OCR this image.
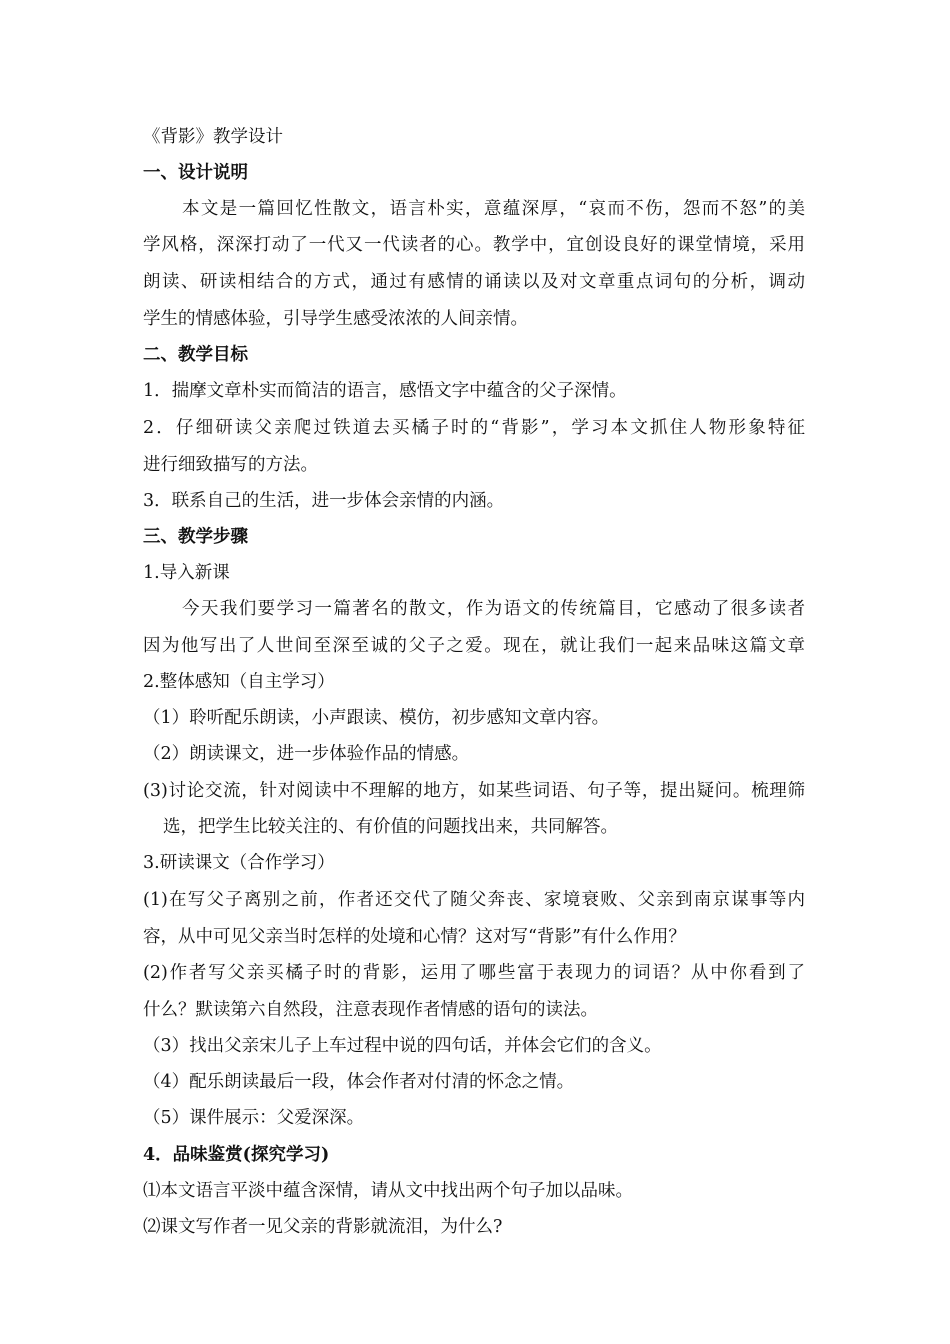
《背影》教学设计
一、设计说明
本文是一篇回忆性散文，语言朴实，意蕴深厚，“哀而不伤，怨而不怒”的美
学风格，深深打动了一代又一代读者的心。教学中，宜创设良好的课堂情境，采用
朗读、研读相结合的方式，通过有感情的诵读以及对文章重点词句的分析，调动
学生的情感体验，引导学生感受浓浓的人间亲情。
二、教学目标
1．揣摩文章朴实而简洁的语言，感悟文字中蕴含的父子深情。
2．仔细研读父亲爬过铁道去买橘子时的“背影”，学习本文抓住人物形象特征
进行细致描写的方法。
3．联系自己的生活，进一步体会亲情的内涵。
三、教学步骤
1.导入新课
今天我们要学习一篇著名的散文，作为语文的传统篇目，它感动了很多读者
因为他写出了人世间至深至诚的父子之爱。现在，就让我们一起来品味这篇文章
2.整体感知（自主学习）
（1）聆听配乐朗读，小声跟读、模仿，初步感知文章内容。
（2）朗读课文，进一步体验作品的情感。
(3)讨论交流，针对阅读中不理解的地方，如某些词语、句子等，提出疑问。梳理筛
选，把学生比较关注的、有价值的问题找出来，共同解答。
3.研读课文（合作学习）
(1)在写父子离别之前，作者还交代了随父奔丧、家境衰败、父亲到南京谋事等内
容，从中可见父亲当时怎样的处境和心情？这对写“背影”有什么作用？
(2)作者写父亲买橘子时的背影，运用了哪些富于表现力的词语？从中你看到了
什么？默读第六自然段，注意表现作者情感的语句的读法。
（3）找出父亲宋儿子上车过程中说的四句话，并体会它们的含义。
（4）配乐朗读最后一段，体会作者对付清的怀念之情。
（5）课件展示：父爱深深。
4．品味鉴赏(探究学习)
⑴本文语言平淡中蕴含深情，请从文中找出两个句子加以品味。
⑵课文写作者一见父亲的背影就流泪，为什么?
